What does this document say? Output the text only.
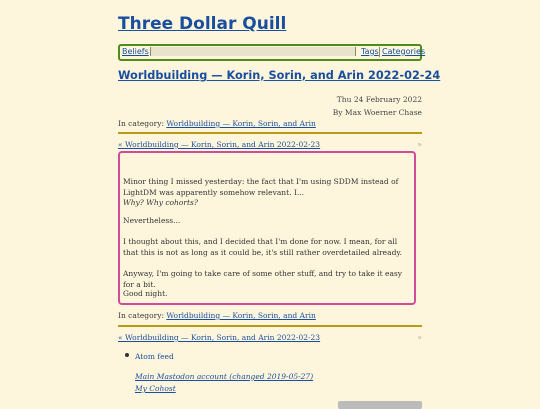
Three Dollar Quill
Beliefs	Tags Categories
Worldbuilding — Korin, Sorin, and Arin 2022-02-24
Thu 24 February 2022
By Max Woerner Chase
In category: Worldbuilding — Korin, Sorin, and Arin
« Worldbuilding — Korin, Sorin, and Arin 2022-02-23	»

Minor thing I missed yesterday: the fact that I'm using SDDM instead of LightDM was apparently somehow relevant. I...

Why? Why cohorts?

Nevertheless...

I thought about this, and I decided that I'm done for now. I mean, for all that this is not as long as it could be, it's still rather overdetailed already.

Anyway, I'm going to take care of some other stuff, and try to take it easy for a bit.

Good night.

In category: Worldbuilding — Korin, Sorin, and Arin
« Worldbuilding — Korin, Sorin, and Arin 2022-02-23	»
Atom feed
Main Mastodon account (changed 2019-05-27)
My Cohost
